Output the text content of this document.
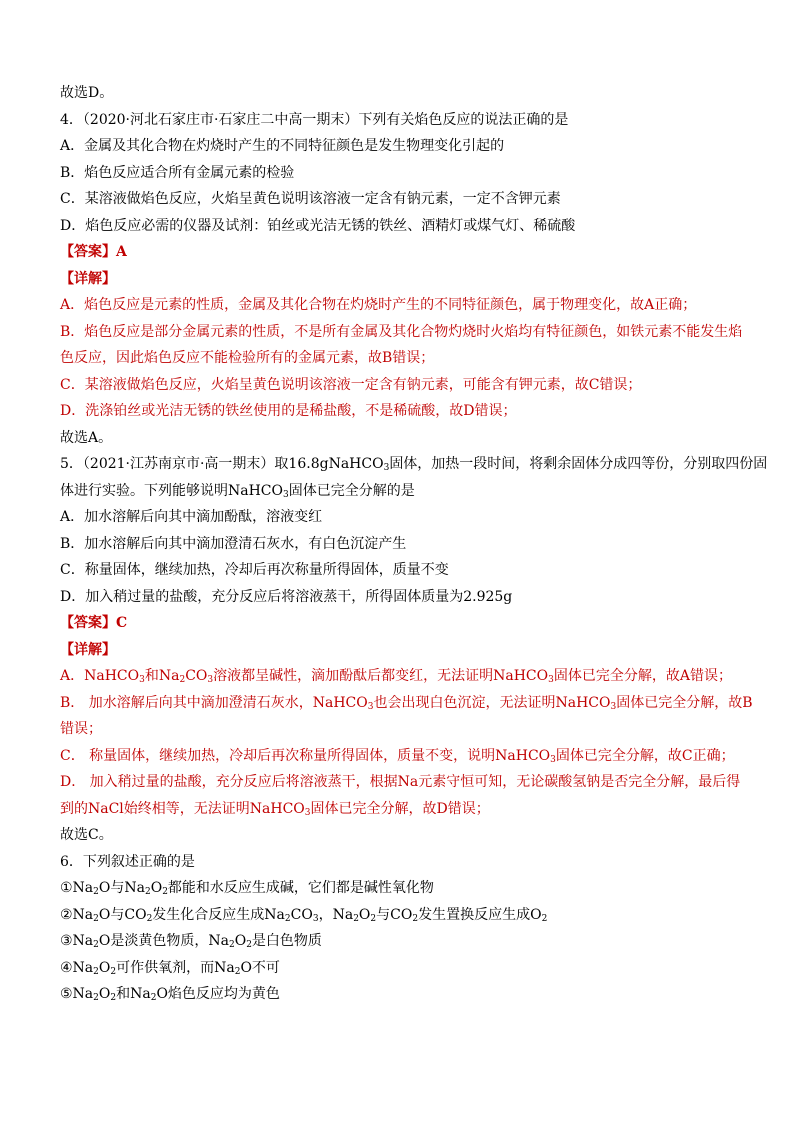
故选D。
4．（2020·河北石家庄市·石家庄二中高一期末）下列有关焰色反应的说法正确的是
A．金属及其化合物在灼烧时产生的不同特征颜色是发生物理变化引起的
B．焰色反应适合所有金属元素的检验
C．某溶液做焰色反应，火焰呈黄色说明该溶液一定含有钠元素，一定不含钾元素
D．焰色反应必需的仪器及试剂：铂丝或光洁无锈的铁丝、酒精灯或煤气灯、稀硫酸
【答案】A
【详解】
A．焰色反应是元素的性质，金属及其化合物在灼烧时产生的不同特征颜色，属于物理变化，故A正确；
B．焰色反应是部分金属元素的性质，不是所有金属及其化合物灼烧时火焰均有特征颜色，如铁元素不能发生焰
色反应，因此焰色反应不能检验所有的金属元素，故B错误；
C．某溶液做焰色反应，火焰呈黄色说明该溶液一定含有钠元素，可能含有钾元素，故C错误；
D．洗涤铂丝或光洁无锈的铁丝使用的是稀盐酸，不是稀硫酸，故D错误；
故选A。
5．（2021·江苏南京市·高一期末）取16.8gNaHCO$_3$固体，加热一段时间，将剩余固体分成四等份，分别取四份固
体进行实验。下列能够说明NaHCO$_3$固体已完全分解的是
A．加水溶解后向其中滴加酚酞，溶液变红
B．加水溶解后向其中滴加澄清石灰水，有白色沉淀产生
C．称量固体，继续加热，冷却后再次称量所得固体，质量不变
D．加入稍过量的盐酸，充分反应后将溶液蒸干，所得固体质量为2.925g
【答案】C
【详解】
A．NaHCO$_3$和$Na_2CO_3$溶液都呈碱性，滴加酚酞后都变红，无法证明NaHCO$_3$固体已完全分解，故A错误；
B． 加水溶解后向其中滴加澄清石灰水，NaHCO$_3$也会出现白色沉淀，无法证明NaHCO$_3$固体已完全分解，故B
错误；
C． 称量固体，继续加热，冷却后再次称量所得固体，质量不变，说明NaHCO$_3$固体已完全分解，故C正确；
D． 加入稍过量的盐酸，充分反应后将溶液蒸干，根据Na元素守恒可知，无论碳酸氢钠是否完全分解，最后得
到的NaCl始终相等，无法证明NaHCO$_3$固体已完全分解，故D错误；
故选C。
6．下列叙述正确的是
$①Na_2O$与$Na_2O_2$都能和水反应生成碱，它们都是碱性氧化物
$②Na_2O$与$CO_2$发生化合反应生成$Na_2CO_3$，$Na_2O_2$与$CO_2$发生置换反应生成$O_2$
$③Na_2O$是淡黄色物质，$Na_2O_2$是白色物质
$④Na_2O_2$可作供氧剂，而$Na_2O$不可
$⑤Na_2O_2$和$Na_2O$焰色反应均为黄色
